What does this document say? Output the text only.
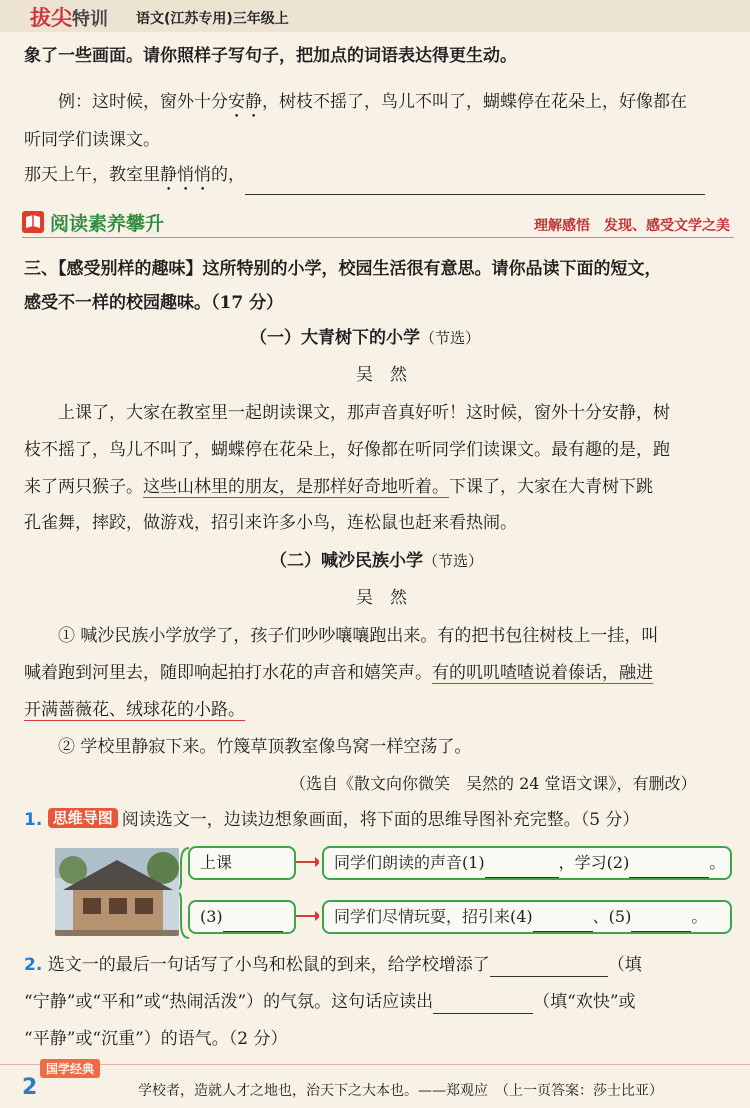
拔尖特训 语文(江苏专用)三年级上
象了一些画面。请你照样子写句子，把加点的词语表达得更生动。
例：这时候，窗外十分安静，树枝不摇了，鸟儿不叫了，蝴蝶停在花朵上，好像都在
听同学们读课文。
那天上午，教室里静悄悄的，
阅读素养攀升	理解感悟　 发现、感受文学之美
三、【感受别样的趣味】这所特别的小学，校园生活很有意思。请你品读下面的短文，
感受不一样的校园趣味。（17 分）
（一）大青树下的小学（节选）
吴　然
上课了，大家在教室里一起朗读课文，那声音真好听！这时候，窗外十分安静，树
枝不摇了，鸟儿不叫了，蝴蝶停在花朵上，好像都在听同学们读课文。最有趣的是，跑
来了两只猴子。这些山林里的朋友，是那样好奇地听着。下课了，大家在大青树下跳
孔雀舞，摔跤，做游戏，招引来许多小鸟，连松鼠也赶来看热闹。
（二）喊沙民族小学（节选）
吴　然
① 喊沙民族小学放学了，孩子们吵吵嚷嚷跑出来。有的把书包往树枝上一挂，叫
喊着跑到河里去，随即响起拍打水花的声音和嬉笑声。有的叽叽喳喳说着傣话，融进
开满蔷薇花、绒球花的小路。
② 学校里静寂下来。竹篾草顶教室像鸟窝一样空荡了。
（选自《散文向你微笑　吴然的 24 堂语文课》，有删改）
1. 思维导图 阅读选文一，边读边想象画面，将下面的思维导图补充完整。（5 分）
上课	同学们朗读的声音(1)	，学习(2)	。
(3)	同学们尽情玩耍，招引来(4)	、(5)	。
2. 选文一的最后一句话写了小鸟和松鼠的到来，给学校增添了	（填
“宁静”或“平和”或“热闹活泼”）的气氛。这句话应读出	（填“欢快”或
“平静”或“沉重”）的语气。（2 分）
国学经典
2	学校者，造就人才之地也，治天下之大本也。——郑观应　（上一页答案：莎士比亚）
